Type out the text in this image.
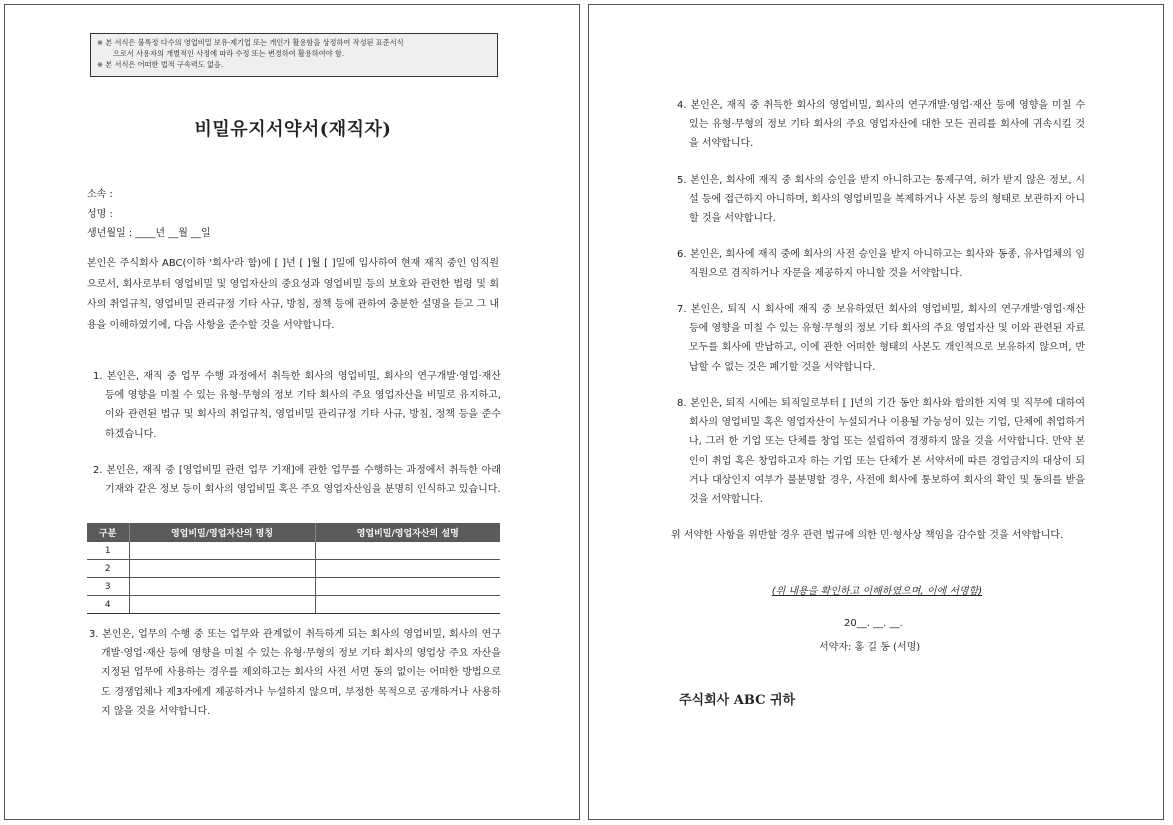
※ 본 서식은 불특정 다수의 영업비밀 보유·제기업 또는 개인가 활용함을 상정하여 작성된 표준서식
으로서 사용자의 개별적인 사정에 따라 수정 또는 변경하여 활용하여야 함.
※ 본 서식은 어떠한 법적 구속력도 없음.
비밀유지서약서(재직자)
소속 :
성명 :
생년월일 : ____년 __월 __일
본인은 주식회사 ABC(이하 '회사'라 함)에 [ ]년 [ ]월 [ ]일에 입사하여 현재 재직 중인 임직원으로서, 회사로부터 영업비밀 및 영업자산의 중요성과 영업비밀 등의 보호와 관련한 법령 및 회사의 취업규칙, 영업비밀 관리규정 기타 사규, 방침, 정책 등에 관하여 충분한 설명을 듣고 그 내용을 이해하였기에, 다음 사항을 준수할 것을 서약합니다.
1. 본인은, 재직 중 업무 수행 과정에서 취득한 회사의 영업비밀, 회사의 연구개발·영업·재산 등에 영향을 미칠 수 있는 유형·무형의 정보 기타 회사의 주요 영업자산을 비밀로 유지하고, 이와 관련된 법규 및 회사의 취업규칙, 영업비밀 관리규정 기타 사규, 방침, 정책 등을 준수하겠습니다.
2. 본인은, 재직 중 [영업비밀 관련 업무 기재]에 관한 업무를 수행하는 과정에서 취득한 아래 기재와 같은 정보 등이 회사의 영업비밀 혹은 주요 영업자산임을 분명히 인식하고 있습니다.
구분	영업비밀/영업자산의 명칭	영업비밀/영업자산의 설명
1		
2		
3		
4		
3. 본인은, 업무의 수행 중 또는 업무와 관계없이 취득하게 되는 회사의 영업비밀, 회사의 연구개발·영업·재산 등에 영향을 미칠 수 있는 유형·무형의 정보 기타 회사의 영업상 주요 자산을 지정된 업무에 사용하는 경우를 제외하고는 회사의 사전 서면 동의 없이는 어떠한 방법으로도 경쟁업체나 제3자에게 제공하거나 누설하지 않으며, 부정한 목적으로 공개하거나 사용하지 않을 것을 서약합니다.
4. 본인은, 재직 중 취득한 회사의 영업비밀, 회사의 연구개발·영업·재산 등에 영향을 미칠 수 있는 유형·무형의 정보 기타 회사의 주요 영업자산에 대한 모든 권리를 회사에 귀속시킬 것을 서약합니다.
5. 본인은, 회사에 재직 중 회사의 승인을 받지 아니하고는 통제구역, 허가 받지 않은 정보, 시설 등에 접근하지 아니하며, 회사의 영업비밀을 복제하거나 사본 등의 형태로 보관하지 아니할 것을 서약합니다.
6. 본인은, 회사에 재직 중에 회사의 사전 승인을 받지 아니하고는 회사와 동종, 유사업체의 임직원으로 겸직하거나 자문을 제공하지 아니할 것을 서약합니다.
7. 본인은, 퇴직 시 회사에 재직 중 보유하였던 회사의 영업비밀, 회사의 연구개발·영업·재산 등에 영향을 미칠 수 있는 유형·무형의 정보 기타 회사의 주요 영업자산 및 이와 관련된 자료 모두를 회사에 반납하고, 이에 관한 어떠한 형태의 사본도 개인적으로 보유하지 않으며, 반납할 수 없는 것은 폐기할 것을 서약합니다.
8. 본인은, 퇴직 시에는 퇴직일로부터 [ ]년의 기간 동안 회사와 합의한 지역 및 직무에 대하여 회사의 영업비밀 혹은 영업자산이 누설되거나 이용될 가능성이 있는 기업, 단체에 취업하거나, 그러 한 기업 또는 단체를 창업 또는 설립하여 경쟁하지 않을 것을 서약합니다. 만약 본인이 취업 혹은 창업하고자 하는 기업 또는 단체가 본 서약서에 따른 경업금지의 대상이 되거나 대상인지 여부가 불분명할 경우, 사전에 회사에 통보하여 회사의 확인 및 동의를 받을 것을 서약합니다.
위 서약한 사항을 위반할 경우 관련 법규에 의한 민·형사상 책임을 감수할 것을 서약합니다.
(위 내용을 확인하고 이해하였으며, 이에 서명함)
20__. __. __.
서약자: 홍 길 동 (서명)
주식회사 ABC 귀하
